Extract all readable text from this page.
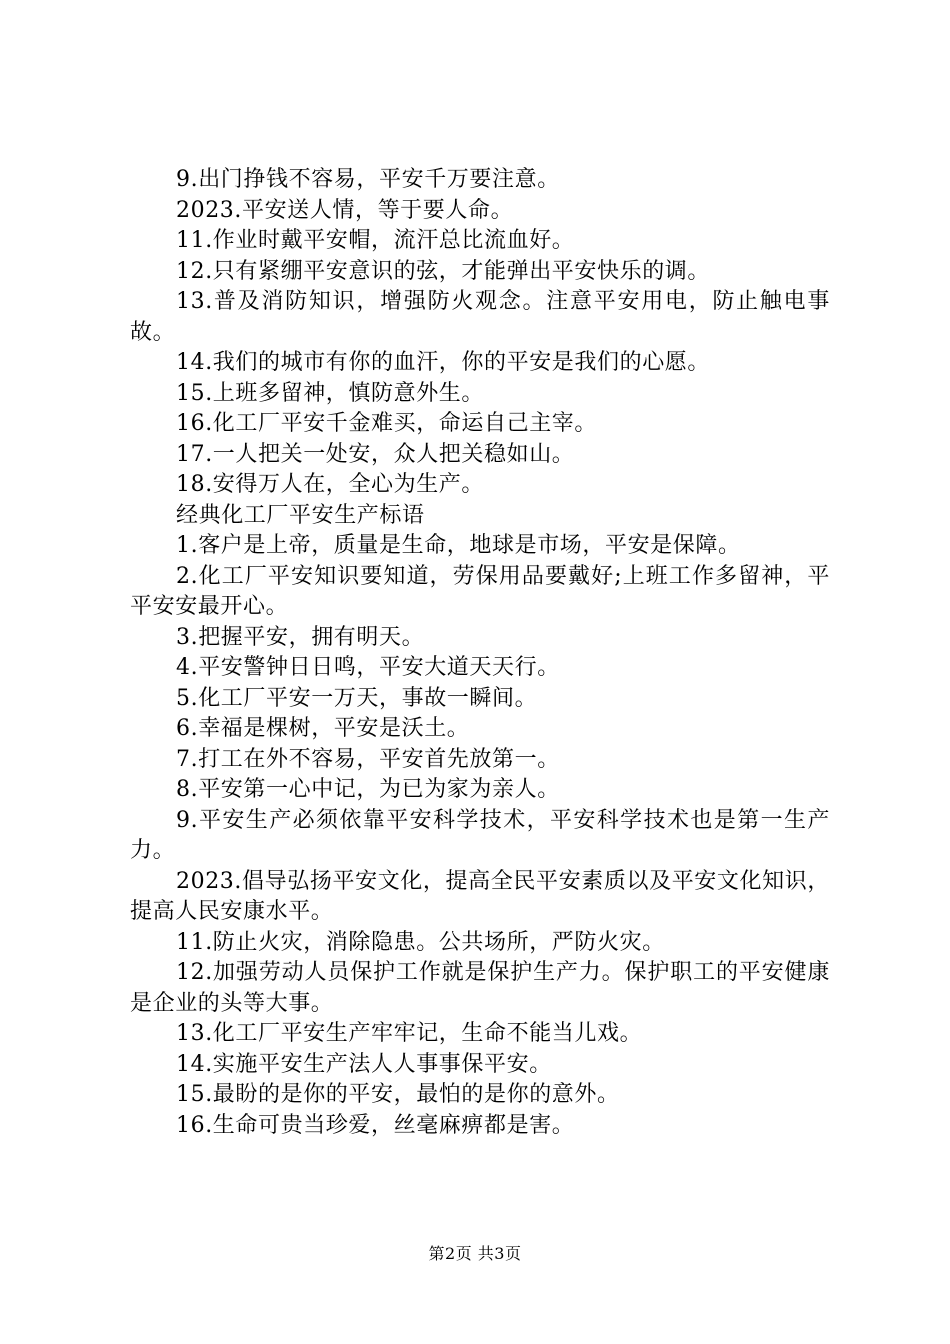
9.出门挣钱不容易，平安千万要注意。

2023.平安送人情，等于要人命。

11.作业时戴平安帽，流汗总比流血好。

12.只有紧绷平安意识的弦，才能弹出平安快乐的调。

13.普及消防知识，增强防火观念。注意平安用电，防止触电事故。

14.我们的城市有你的血汗，你的平安是我们的心愿。

15.上班多留神，慎防意外生。

16.化工厂平安千金难买，命运自己主宰。

17.一人把关一处安，众人把关稳如山。

18.安得万人在，全心为生产。

经典化工厂平安生产标语

1.客户是上帝，质量是生命，地球是市场，平安是保障。

2.化工厂平安知识要知道，劳保用品要戴好;上班工作多留神，平平安安最开心。

3.把握平安，拥有明天。

4.平安警钟日日鸣，平安大道天天行。

5.化工厂平安一万天，事故一瞬间。

6.幸福是棵树，平安是沃土。

7.打工在外不容易，平安首先放第一。

8.平安第一心中记，为已为家为亲人。

9.平安生产必须依靠平安科学技术，平安科学技术也是第一生产力。

2023.倡导弘扬平安文化，提高全民平安素质以及平安文化知识，提高人民安康水平。

11.防止火灾，消除隐患。公共场所，严防火灾。

12.加强劳动人员保护工作就是保护生产力。保护职工的平安健康是企业的头等大事。

13.化工厂平安生产牢牢记，生命不能当儿戏。

14.实施平安生产法人人事事保平安。

15.最盼的是你的平安，最怕的是你的意外。

16.生命可贵当珍爱，丝毫麻痹都是害。

第2页 共3页
